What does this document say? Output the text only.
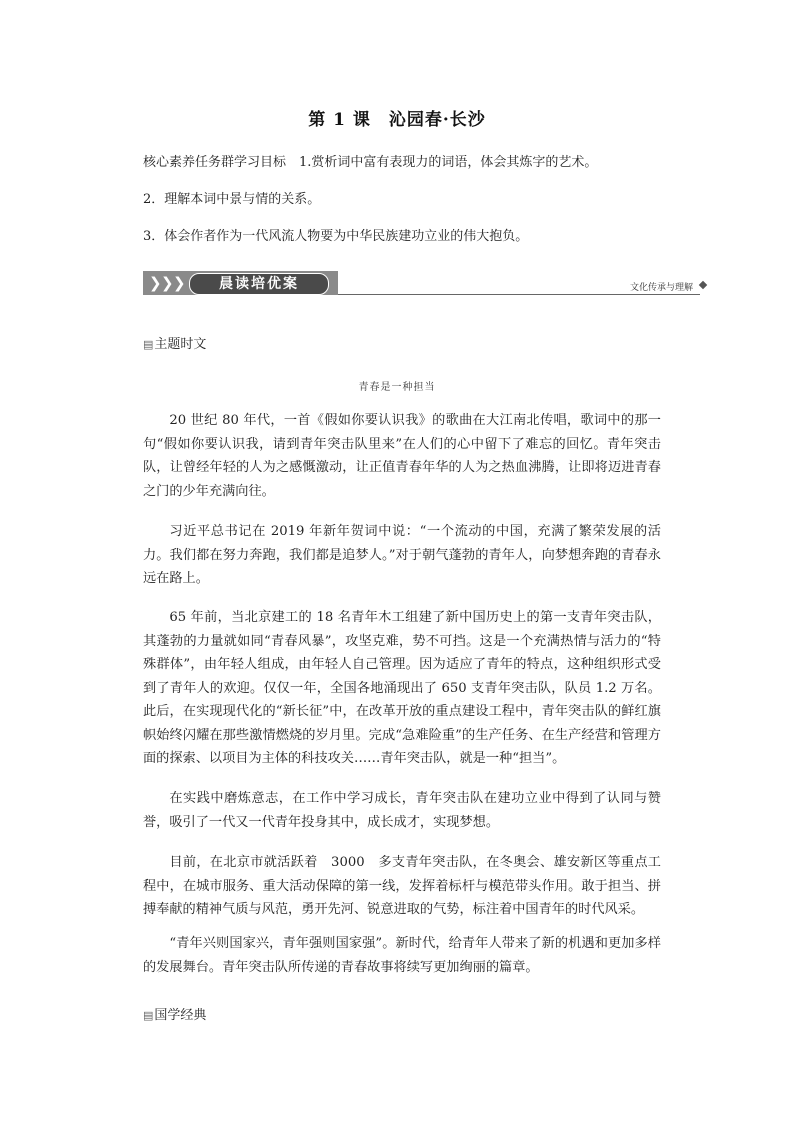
第 1 课　沁园春·长沙
核心素养任务群学习目标　1.赏析词中富有表现力的词语，体会其炼字的艺术。
2．理解本词中景与情的关系。
3．体会作者作为一代风流人物要为中华民族建功立业的伟大抱负。
❯ ❯ ❯	晨读培优案	文化传承与理解
▤主题时文
青春是一种担当

20 世纪 80 年代，一首《假如你要认识我》的歌曲在大江南北传唱，歌词中的那一句“假如你要认识我，请到青年突击队里来”在人们的心中留下了难忘的回忆。青年突击队，让曾经年轻的人为之感慨激动，让正值青春年华的人为之热血沸腾，让即将迈进青春之门的少年充满向往。

习近平总书记在 2019 年新年贺词中说：“一个流动的中国，充满了繁荣发展的活力。我们都在努力奔跑，我们都是追梦人。”对于朝气蓬勃的青年人，向梦想奔跑的青春永远在路上。

65 年前，当北京建工的 18 名青年木工组建了新中国历史上的第一支青年突击队，其蓬勃的力量就如同“青春风暴”，攻坚克难，势不可挡。这是一个充满热情与活力的“特殊群体”，由年轻人组成，由年轻人自己管理。因为适应了青年的特点，这种组织形式受到了青年人的欢迎。仅仅一年，全国各地涌现出了 650 支青年突击队，队员 1.2 万名。此后，在实现现代化的“新长征”中，在改革开放的重点建设工程中，青年突击队的鲜红旗帜始终闪耀在那些激情燃烧的岁月里。完成“急难险重”的生产任务、在生产经营和管理方面的探索、以项目为主体的科技攻关……青年突击队，就是一种“担当”。

在实践中磨炼意志，在工作中学习成长，青年突击队在建功立业中得到了认同与赞誉，吸引了一代又一代青年投身其中，成长成才，实现梦想。

目前，在北京市就活跃着　3000　多支青年突击队，在冬奥会、雄安新区等重点工程中，在城市服务、重大活动保障的第一线，发挥着标杆与模范带头作用。敢于担当、拼搏奉献的精神气质与风范，勇开先河、锐意进取的气势，标注着中国青年的时代风采。

“青年兴则国家兴，青年强则国家强”。新时代，给青年人带来了新的机遇和更加多样的发展舞台。青年突击队所传递的青春故事将续写更加绚丽的篇章。

▤国学经典
